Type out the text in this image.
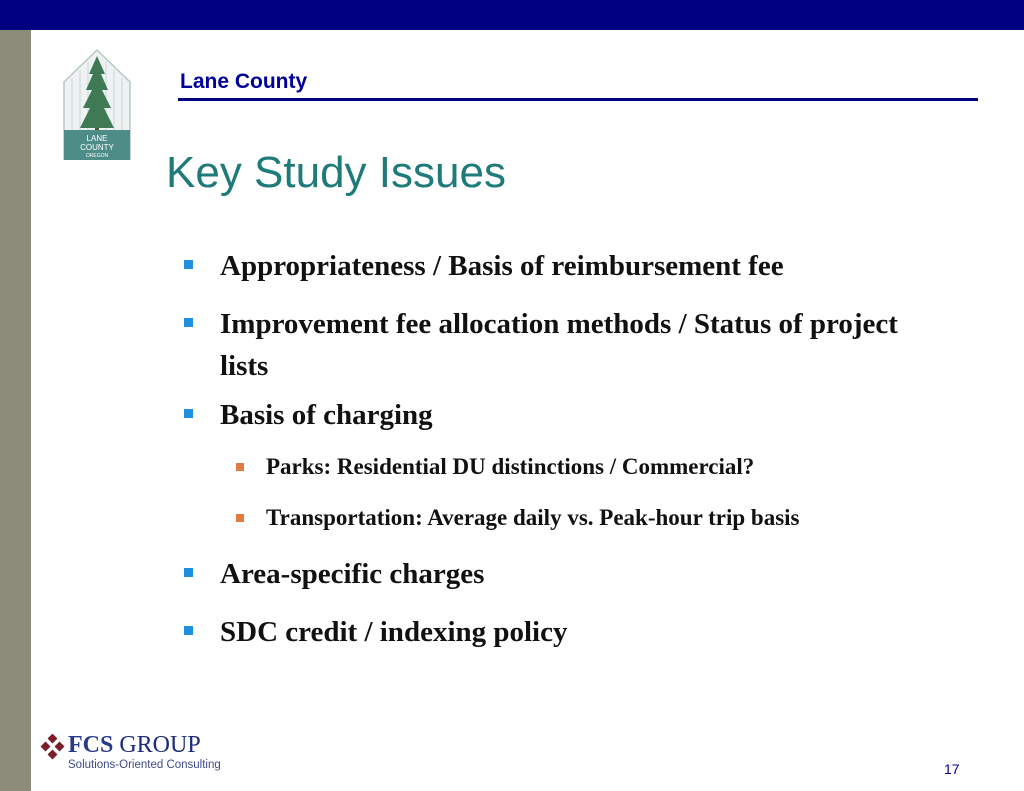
LANE
COUNTY
OREGON
Lane County
Key Study Issues
Appropriateness / Basis of reimbursement fee
Improvement fee allocation methods / Status of project lists
Basis of charging
Parks: Residential DU distinctions / Commercial?
Transportation: Average daily vs. Peak-hour trip basis
Area-specific charges
SDC credit / indexing policy
FCS GROUP
Solutions-Oriented Consulting	17
